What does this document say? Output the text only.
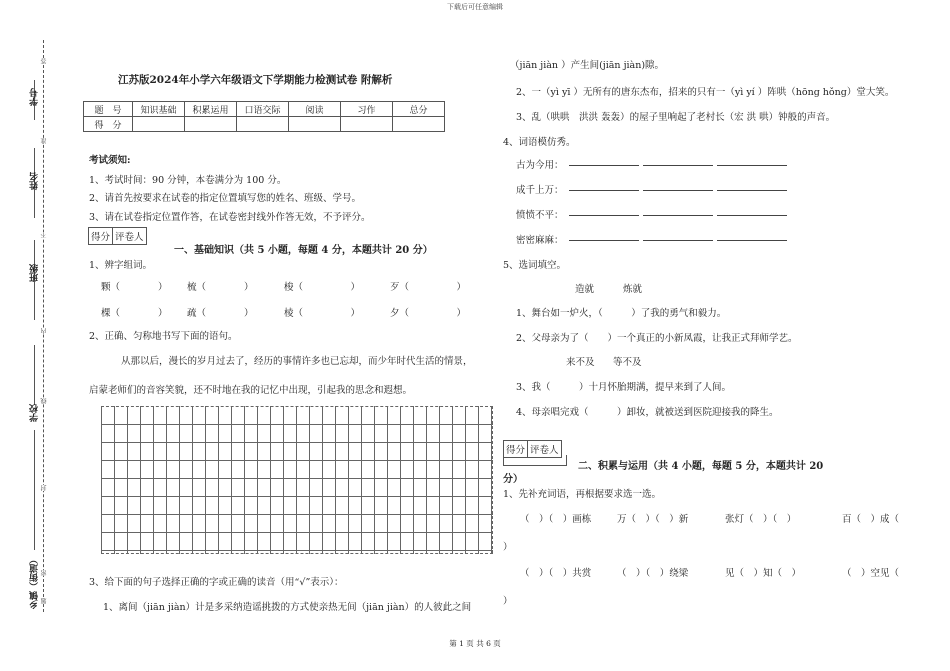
下载后可任意编辑
学号
姓名
班级
学校
乡镇（街道）
答
准
不
内
线
封
密
题
江苏版2024年小学六年级语文下学期能力检测试卷 附解析
题　号	知识基础	积累运用	口语交际	阅读	习作	总分
得　分						
考试须知:
1、考试时间：90 分钟，本卷满分为 100 分。
2、请首先按要求在试卷的指定位置填写您的姓名、班级、学号。
3、请在试卷指定位置作答，在试卷密封线外作答无效，不予评分。
得分 评卷人
一、基础知识（共 5 小题，每题 4 分，本题共计 20 分）
1、辨字组词。
颗（　　　　） 梳（　　　　）	梭（　　　　　）	歹（　　　　　）
棵（　　　　） 疏（　　　　）	棱（　　　　　）	夕（　　　　　）
2、正确、匀称地书写下面的语句。
从那以后，漫长的岁月过去了，经历的事情许多也已忘却，而少年时代生活的情景，
启蒙老师们的音容笑貌，还不时地在我的记忆中出现，引起我的思念和遐想。
3、给下面的句子选择正确的字或正确的读音（用“√”表示）：
1、离间（jiān jiàn）计是多采纳造谣挑拨的方式使亲热无间（jiān jiàn）的人彼此之间
（jiān jiàn ）产生间(jiān jiàn)隙。
2、一（yì yī ）无所有的唐东杰布，招来的只有一（yì yí ）阵哄（hōng hǒng）堂大笑。
3、乱（哄哄　洪洪 轰轰）的屋子里响起了老村长（宏 洪 哄）钟般的声音。
4、词语模仿秀。
古为今用：
成千上万：
愤愤不平：
密密麻麻：
5、选词填空。
造就	炼就
1、舞台如一炉火，（　　　）了我的勇气和毅力。
2、父母亲为了（　　）一个真正的小新凤霞，让我正式拜师学艺。
来不及 等不及
3、我（　　　）十月怀胎期满，提早来到了人间。
4、母亲唱完戏（　　　）卸妆，就被送到医院迎接我的降生。
得分 评卷人
二、积累与运用（共 4 小题，每题 5 分，本题共计 20
分）
1、先补充词语，再根据要求选一选。
（　）（　）画栋	万（　）（　）新	张灯（　）（　）	百（　）成（
）
（　）（　）共赏	（　）（　）绕梁	见（　）知（　）	（　）空见（
）
第 1 页 共 6 页
